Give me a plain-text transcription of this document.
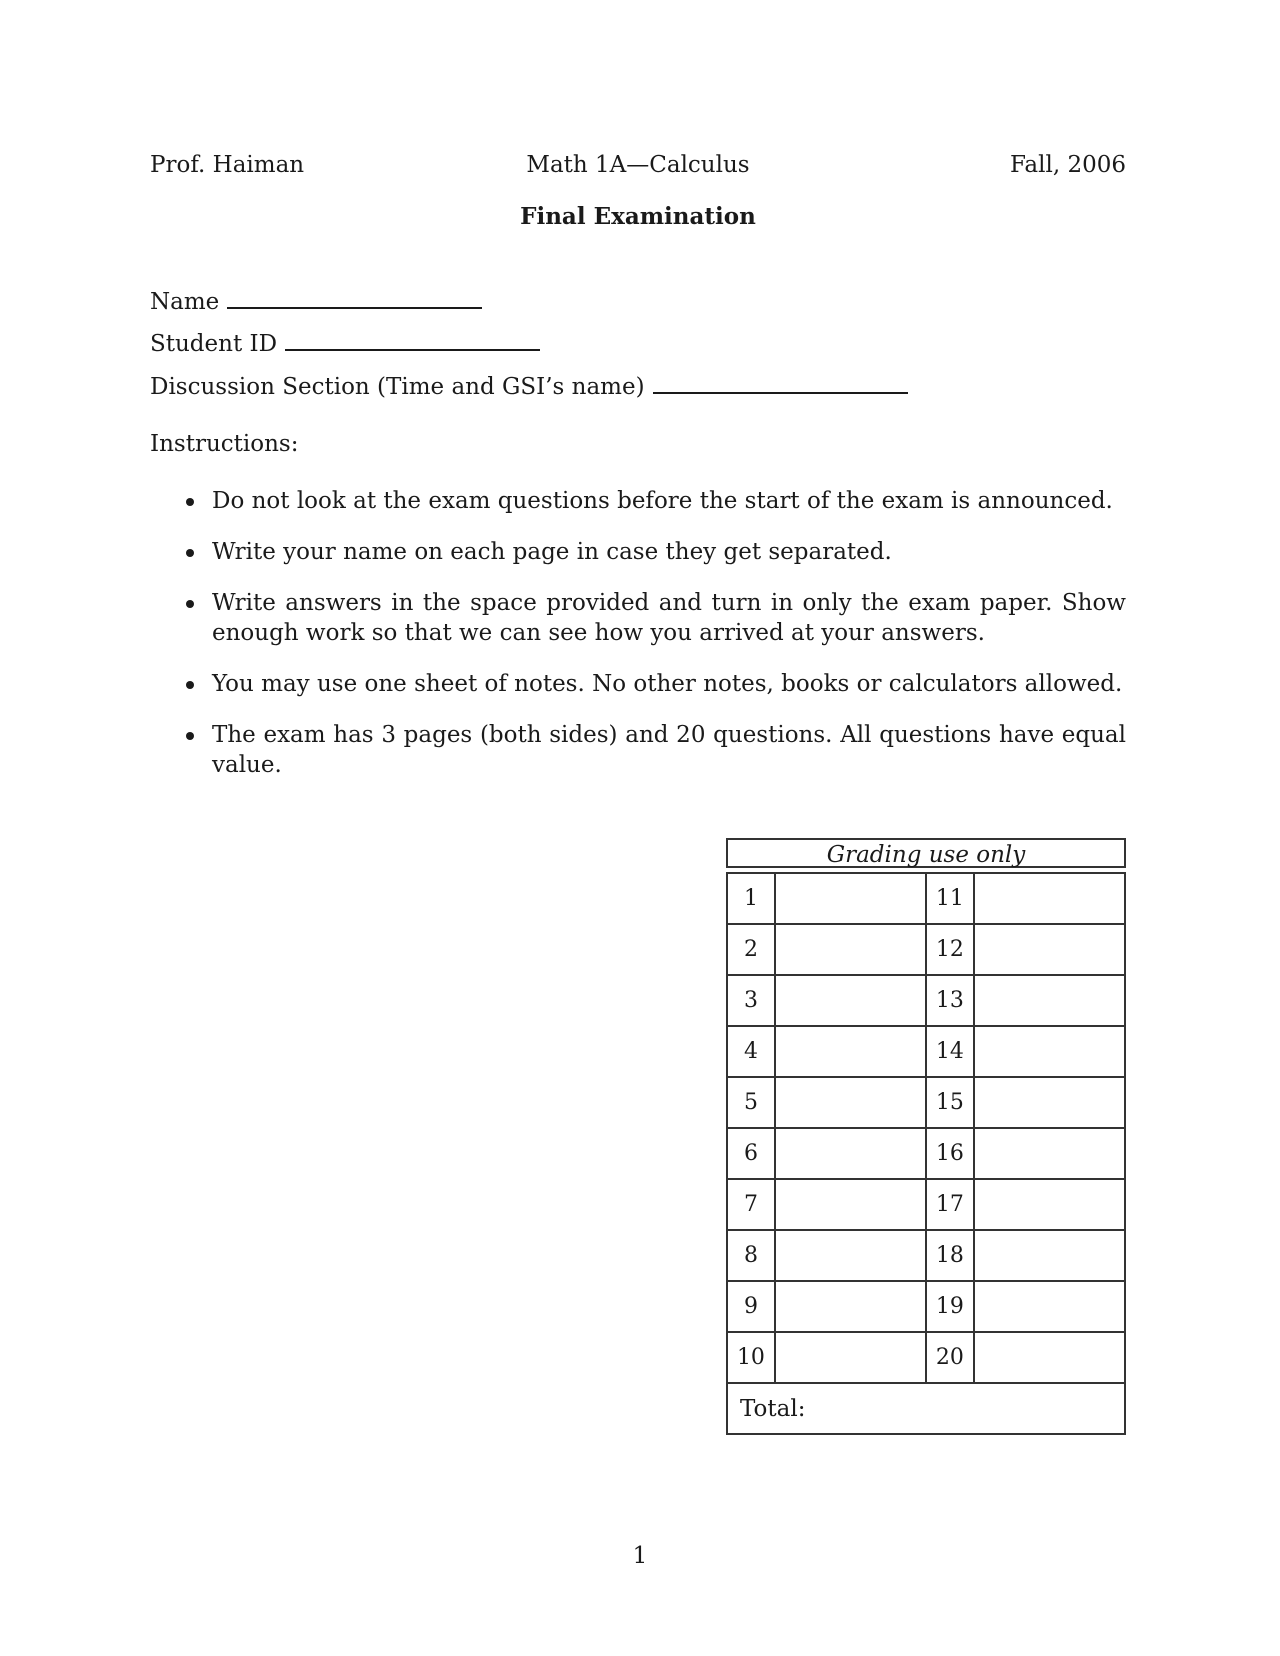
Prof. Haiman	Math 1A—Calculus	Fall, 2006
Final Examination
Name
Student ID
Discussion Section (Time and GSI’s name)
Instructions:
Do not look at the exam questions before the start of the exam is announced.
Write your name on each page in case they get separated.
Write answers in the space provided and turn in only the exam paper. Show enough work so that we can see how you arrived at your answers.
You may use one sheet of notes. No other notes, books or calculators allowed.
The exam has 3 pages (both sides) and 20 questions. All questions have equal value.
Grading use only
1		11	
2		12	
3		13	
4		14	
5		15	
6		16	
7		17	
8		18	
9		19	
10		20	
Total:			
1
